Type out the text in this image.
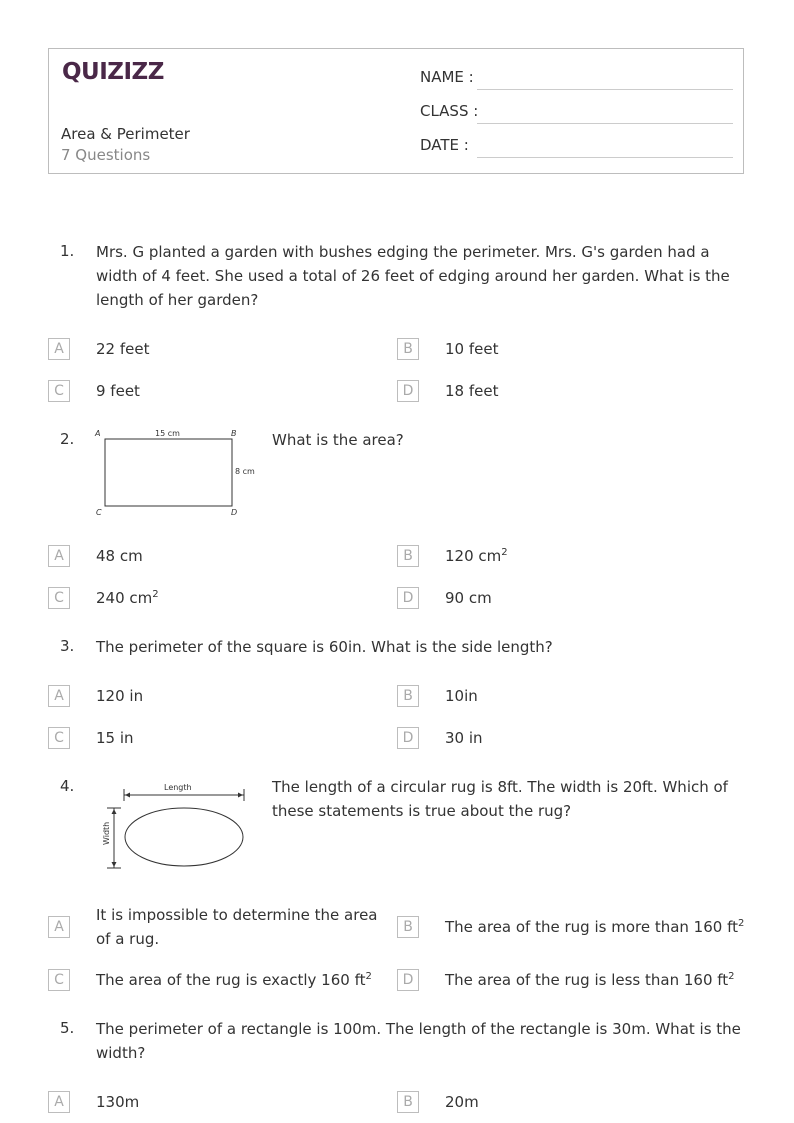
QUIZIZZ
Area & Perimeter
7 Questions
NAME :
CLASS :
DATE :
1. Mrs. G planted a garden with bushes edging the perimeter. Mrs. G's garden had a width of 4 feet. She used a total of 26 feet of edging around her garden. What is the length of her garden?
A	22 feet	B	10 feet
C	9 feet	D	18 feet
2.	A	B
C	D
15 cm
8 cm
What is the area?
A	48 cm	B	120 $cm^2$
C	240 $cm^2$	D	90 cm
3. The perimeter of the square is 60in. What is the side length?
A	120 in	B	10in
C	15 in	D	30 in
4.	Length
Width
The length of a circular rug is 8ft. The width is 20ft. Which of these statements is true about the rug?
A
It is impossible to determine the area of a rug.
B	The area of the rug is more than 160 $ft^2$
C	The area of the rug is exactly 160 $ft^2$	D	The area of the rug is less than 160 $ft^2$
5. The perimeter of a rectangle is 100m. The length of the rectangle is 30m. What is the width?
A	130m	B	20m
